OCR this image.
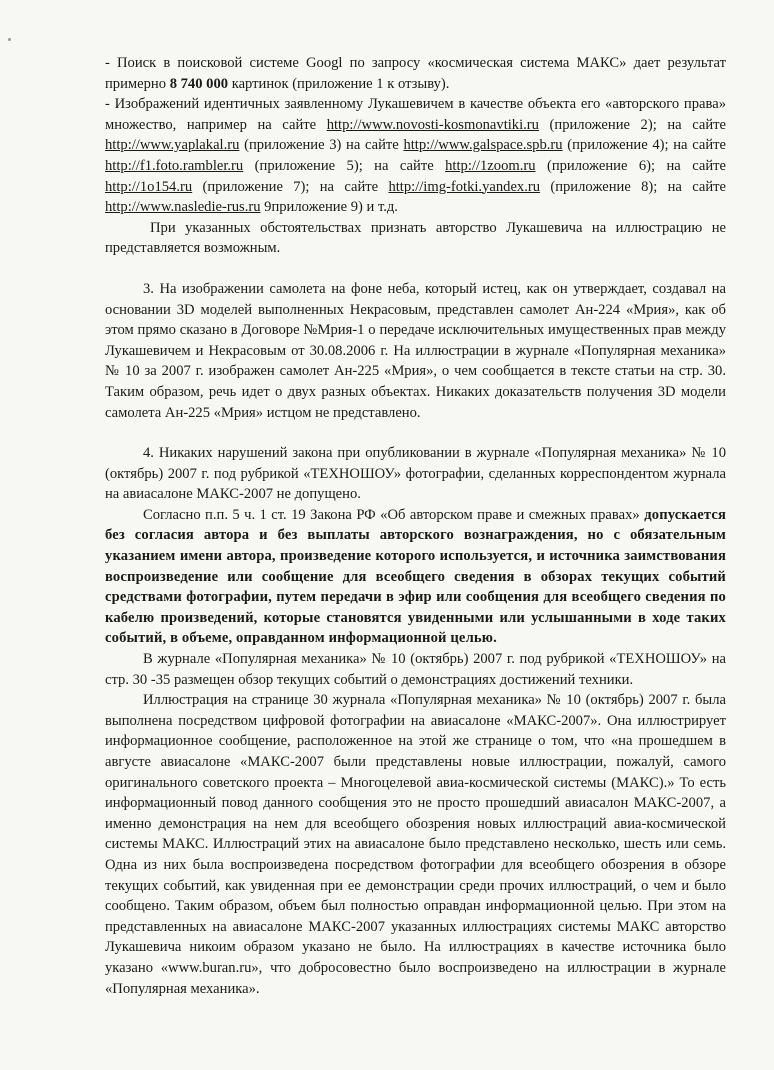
- Поиск в поисковой системе Googl по запросу «космическая система МАКС» дает результат примерно 8 740 000 картинок (приложение 1 к отзыву).

- Изображений идентичных заявленному Лукашевичем в качестве объекта его «авторского права» множество, например на сайте http://www.novosti-kosmonavtiki.ru (приложение 2); на сайте http://www.yaplakal.ru (приложение 3) на сайте http://www.galspace.spb.ru (приложение 4); на сайте http://f1.foto.rambler.ru (приложение 5); на сайте http://1zoom.ru (приложение 6); на сайте http://1o154.ru (приложение 7); на сайте http://img-fotki.yandex.ru (приложение 8); на сайте http://www.nasledie-rus.ru 9приложение 9) и т.д.

При указанных обстоятельствах признать авторство Лукашевича на иллюстрацию не представляется возможным.

3. На изображении самолета на фоне неба, который истец, как он утверждает, создавал на основании 3D моделей выполненных Некрасовым, представлен самолет Ан-224 «Мрия», как об этом прямо сказано в Договоре №Мрия-1 о передаче исключительных имущественных прав между Лукашевичем и Некрасовым от 30.08.2006 г. На иллюстрации в журнале «Популярная механика» № 10 за 2007 г. изображен самолет Ан-225 «Мрия», о чем сообщается в тексте статьи на стр. 30. Таким образом, речь идет о двух разных объектах. Никаких доказательств получения 3D модели самолета Ан-225 «Мрия» истцом не представлено.

4. Никаких нарушений закона при опубликовании в журнале «Популярная механика» № 10 (октябрь) 2007 г. под рубрикой «ТЕХНОШОУ» фотографии, сделанных корреспондентом журнала на авиасалоне МАКС-2007 не допущено.

Согласно п.п. 5 ч. 1 ст. 19 Закона РФ «Об авторском праве и смежных правах» допускается без согласия автора и без выплаты авторского вознаграждения, но с обязательным указанием имени автора, произведение которого используется, и источника заимствования воспроизведение или сообщение для всеобщего сведения в обзорах текущих событий средствами фотографии, путем передачи в эфир или сообщения для всеобщего сведения по кабелю произведений, которые становятся увиденными или услышанными в ходе таких событий, в объеме, оправданном информационной целью.

В журнале «Популярная механика» № 10 (октябрь) 2007 г. под рубрикой «ТЕХНОШОУ» на стр. 30 -35 размещен обзор текущих событий о демонстрациях достижений техники.

Иллюстрация на странице 30 журнала «Популярная механика» № 10 (октябрь) 2007 г. была выполнена посредством цифровой фотографии на авиасалоне «МАКС-2007». Она иллюстрирует информационное сообщение, расположенное на этой же странице о том, что «на прошедшем в августе авиасалоне «МАКС-2007 были представлены новые иллюстрации, пожалуй, самого оригинального советского проекта – Многоцелевой авиа-космической системы (МАКС).» То есть информационный повод данного сообщения это не просто прошедший авиасалон МАКС-2007, а именно демонстрация на нем для всеобщего обозрения новых иллюстраций авиа-космической системы МАКС. Иллюстраций этих на авиасалоне было представлено несколько, шесть или семь. Одна из них была воспроизведена посредством фотографии для всеобщего обозрения в обзоре текущих событий, как увиденная при ее демонстрации среди прочих иллюстраций, о чем и было сообщено. Таким образом, объем был полностью оправдан информационной целью. При этом на представленных на авиасалоне МАКС-2007 указанных иллюстрациях системы МАКС авторство Лукашевича никоим образом указано не было. На иллюстрациях в качестве источника было указано «www.buran.ru», что добросовестно было воспроизведено на иллюстрации в журнале «Популярная механика».
